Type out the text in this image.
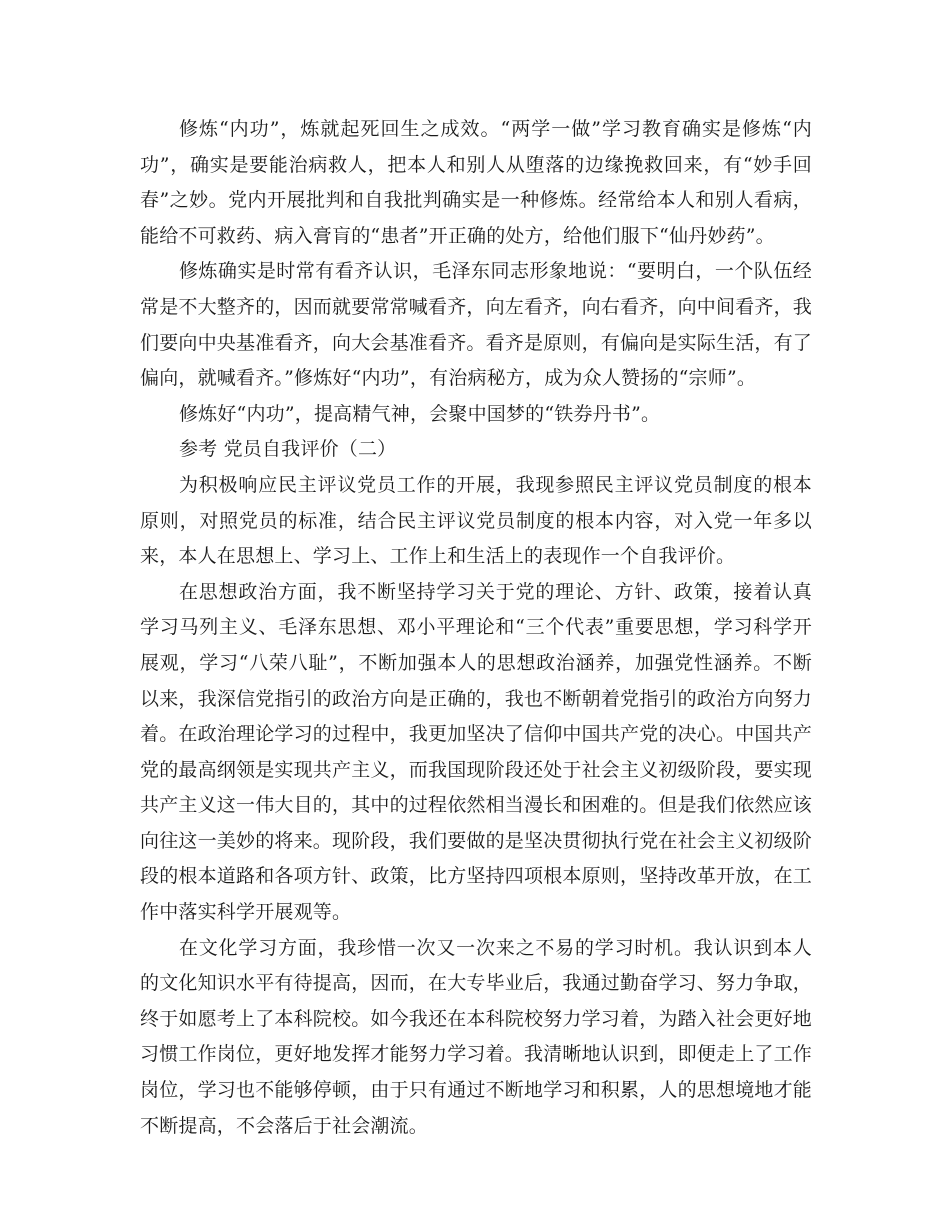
修炼“内功”，炼就起死回生之成效。“两学一做”学习教育确实是修炼“内功”，确实是要能治病救人，把本人和别人从堕落的边缘挽救回来，有“妙手回春”之妙。党内开展批判和自我批判确实是一种修炼。经常给本人和别人看病，能给不可救药、病入膏肓的“患者”开正确的处方，给他们服下“仙丹妙药”。

修炼确实是时常有看齐认识，毛泽东同志形象地说：“要明白，一个队伍经常是不大整齐的，因而就要常常喊看齐，向左看齐，向右看齐，向中间看齐，我们要向中央基准看齐，向大会基准看齐。看齐是原则，有偏向是实际生活，有了偏向，就喊看齐。”修炼好“内功”，有治病秘方，成为众人赞扬的“宗师”。

修炼好“内功”，提高精气神，会聚中国梦的“铁券丹书”。

参考 党员自我评价（二）

为积极响应民主评议党员工作的开展，我现参照民主评议党员制度的根本原则，对照党员的标准，结合民主评议党员制度的根本内容，对入党一年多以来，本人在思想上、学习上、工作上和生活上的表现作一个自我评价。

在思想政治方面，我不断坚持学习关于党的理论、方针、政策，接着认真学习马列主义、毛泽东思想、邓小平理论和“三个代表”重要思想，学习科学开展观，学习“八荣八耻”，不断加强本人的思想政治涵养，加强党性涵养。不断以来，我深信党指引的政治方向是正确的，我也不断朝着党指引的政治方向努力着。在政治理论学习的过程中，我更加坚决了信仰中国共产党的决心。中国共产党的最高纲领是实现共产主义，而我国现阶段还处于社会主义初级阶段，要实现共产主义这一伟大目的，其中的过程依然相当漫长和困难的。但是我们依然应该向往这一美妙的将来。现阶段，我们要做的是坚决贯彻执行党在社会主义初级阶段的根本道路和各项方针、政策，比方坚持四项根本原则，坚持改革开放，在工作中落实科学开展观等。

在文化学习方面，我珍惜一次又一次来之不易的学习时机。我认识到本人的文化知识水平有待提高，因而，在大专毕业后，我通过勤奋学习、努力争取，终于如愿考上了本科院校。如今我还在本科院校努力学习着，为踏入社会更好地习惯工作岗位，更好地发挥才能努力学习着。我清晰地认识到，即便走上了工作岗位，学习也不能够停顿，由于只有通过不断地学习和积累，人的思想境地才能不断提高，不会落后于社会潮流。
